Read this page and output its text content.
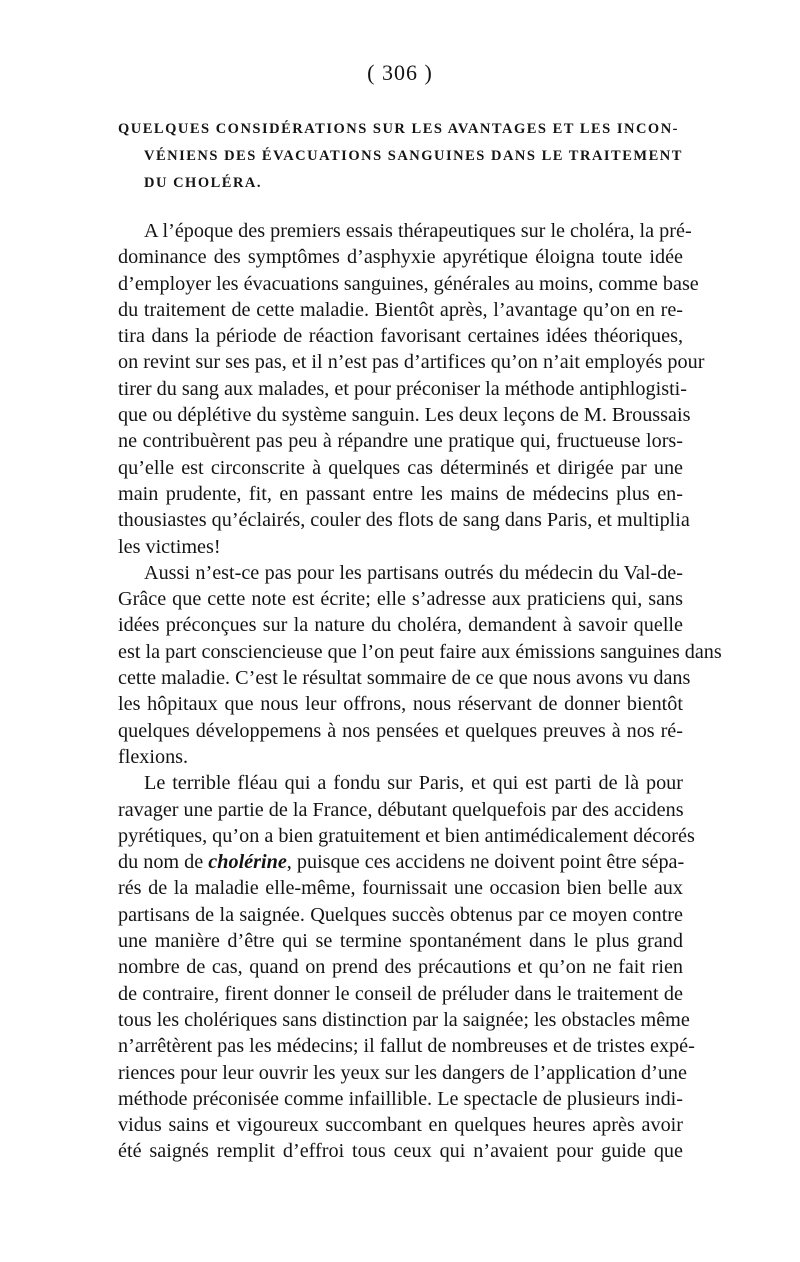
( 306 )
QUELQUES CONSIDÉRATIONS SUR LES AVANTAGES ET LES INCON-
VÉNIENS DES ÉVACUATIONS SANGUINES DANS LE TRAITEMENT
DU CHOLÉRA.
A l’époque des premiers essais thérapeutiques sur le choléra, la pré-
dominance des symptômes d’asphyxie apyrétique éloigna toute idée
d’employer les évacuations sanguines, générales au moins, comme base
du traitement de cette maladie. Bientôt après, l’avantage qu’on en re-
tira dans la période de réaction favorisant certaines idées théoriques,
on revint sur ses pas, et il n’est pas d’artifices qu’on n’ait employés pour
tirer du sang aux malades, et pour préconiser la méthode antiphlogisti-
que ou déplétive du système sanguin. Les deux leçons de M. Broussais
ne contribuèrent pas peu à répandre une pratique qui, fructueuse lors-
qu’elle est circonscrite à quelques cas déterminés et dirigée par une
main prudente, fit, en passant entre les mains de médecins plus en-
thousiastes qu’éclairés, couler des flots de sang dans Paris, et multiplia
les victimes!
Aussi n’est-ce pas pour les partisans outrés du médecin du Val-de-
Grâce que cette note est écrite; elle s’adresse aux praticiens qui, sans
idées préconçues sur la nature du choléra, demandent à savoir quelle
est la part consciencieuse que l’on peut faire aux émissions sanguines dans
cette maladie. C’est le résultat sommaire de ce que nous avons vu dans
les hôpitaux que nous leur offrons, nous réservant de donner bientôt
quelques développemens à nos pensées et quelques preuves à nos ré-
flexions.
Le terrible fléau qui a fondu sur Paris, et qui est parti de là pour
ravager une partie de la France, débutant quelquefois par des accidens
pyrétiques, qu’on a bien gratuitement et bien antimédicalement décorés
du nom de cholérine, puisque ces accidens ne doivent point être sépa-
rés de la maladie elle-même, fournissait une occasion bien belle aux
partisans de la saignée. Quelques succès obtenus par ce moyen contre
une manière d’être qui se termine spontanément dans le plus grand
nombre de cas, quand on prend des précautions et qu’on ne fait rien
de contraire, firent donner le conseil de préluder dans le traitement de
tous les cholériques sans distinction par la saignée; les obstacles même
n’arrêtèrent pas les médecins; il fallut de nombreuses et de tristes expé-
riences pour leur ouvrir les yeux sur les dangers de l’application d’une
méthode préconisée comme infaillible. Le spectacle de plusieurs indi-
vidus sains et vigoureux succombant en quelques heures après avoir
été saignés remplit d’effroi tous ceux qui n’avaient pour guide que
